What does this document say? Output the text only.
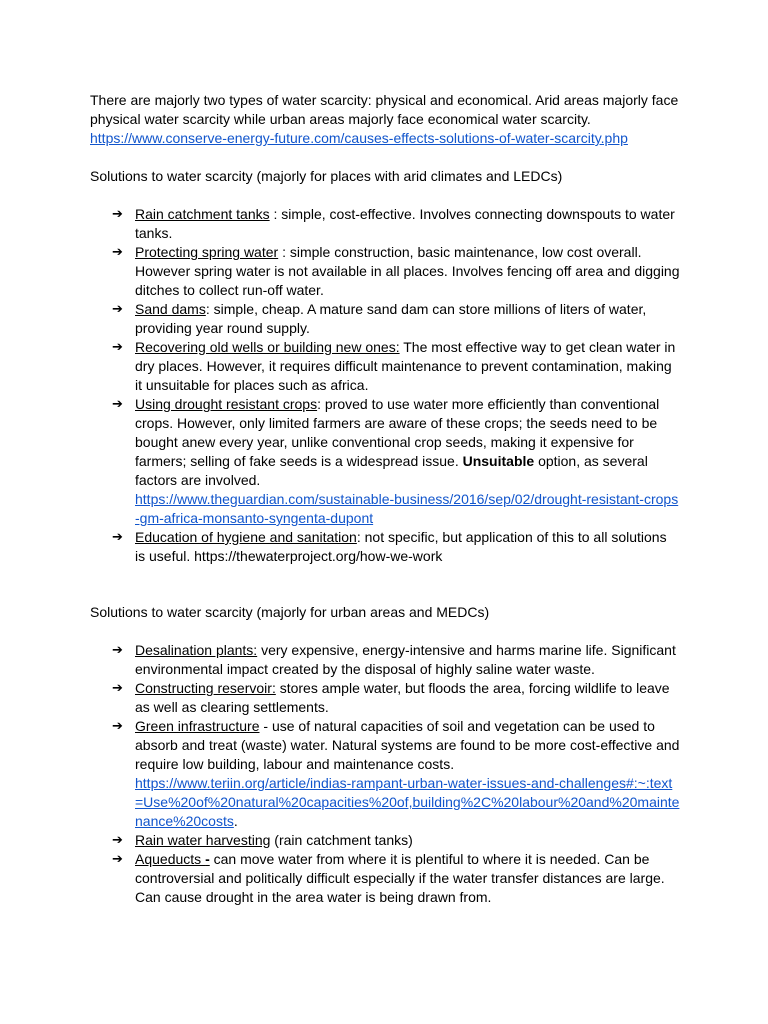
There are majorly two types of water scarcity: physical and economical. Arid areas majorly face physical water scarcity while urban areas majorly face economical water scarcity. https://www.conserve-energy-future.com/causes-effects-solutions-of-water-scarcity.php

Solutions to water scarcity (majorly for places with arid climates and LEDCs)

➔ Rain catchment tanks : simple, cost-effective. Involves connecting downspouts to water tanks.
➔ Protecting spring water : simple construction, basic maintenance, low cost overall. However spring water is not available in all places. Involves fencing off area and digging ditches to collect run-off water.
➔ Sand dams: simple, cheap. A mature sand dam can store millions of liters of water, providing year round supply.
➔ Recovering old wells or building new ones: The most effective way to get clean water in dry places. However, it requires difficult maintenance to prevent contamination, making it unsuitable for places such as africa.
➔ Using drought resistant crops: proved to use water more efficiently than conventional crops. However, only limited farmers are aware of these crops; the seeds need to be bought anew every year, unlike conventional crop seeds, making it expensive for farmers; selling of fake seeds is a widespread issue. Unsuitable option, as several factors are involved.
https://www.theguardian.com/sustainable-business/2016/sep/02/drought-resistant-crops-gm-africa-monsanto-syngenta-dupont
➔ Education of hygiene and sanitation: not specific, but application of this to all solutions is useful. https://thewaterproject.org/how-we-work

Solutions to water scarcity (majorly for urban areas and MEDCs)

➔ Desalination plants: very expensive, energy-intensive and harms marine life. Significant environmental impact created by the disposal of highly saline water waste.
➔ Constructing reservoir: stores ample water, but floods the area, forcing wildlife to leave as well as clearing settlements.
➔ Green infrastructure - use of natural capacities of soil and vegetation can be used to absorb and treat (waste) water. Natural systems are found to be more cost-effective and require low building, labour and maintenance costs.
https://www.teriin.org/article/indias-rampant-urban-water-issues-and-challenges#:~:text=Use%20of%20natural%20capacities%20of,building%2C%20labour%20and%20maintenance%20costs.
➔ Rain water harvesting (rain catchment tanks)
➔ Aqueducts - can move water from where it is plentiful to where it is needed. Can be controversial and politically difficult especially if the water transfer distances are large. Can cause drought in the area water is being drawn from.
